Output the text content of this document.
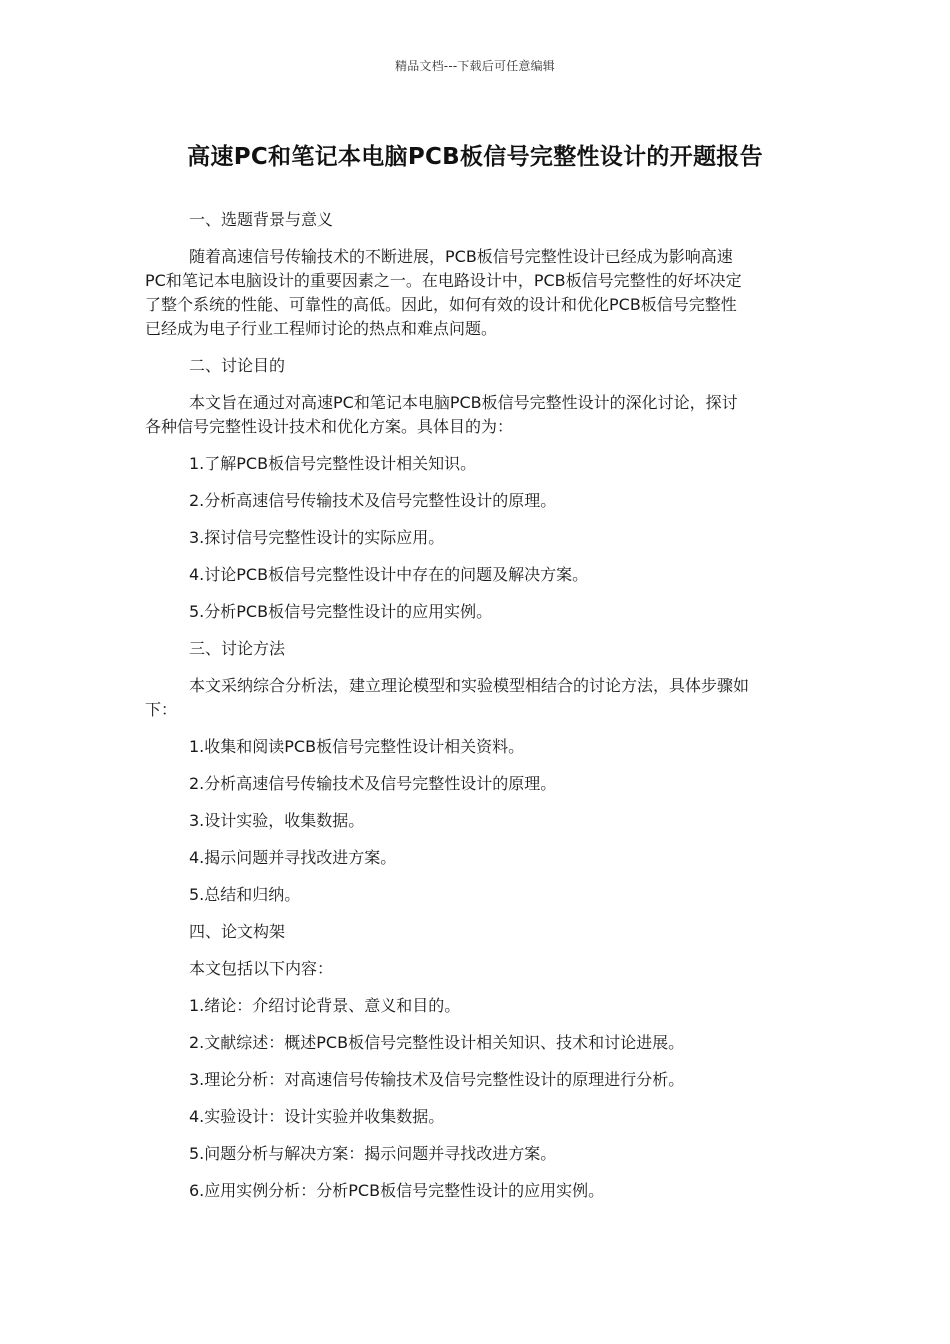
精品文档---下载后可任意编辑
高速PC和笔记本电脑PCB板信号完整性设计的开题报告
一、选题背景与意义
随着高速信号传输技术的不断进展，PCB板信号完整性设计已经成为影响高速
PC和笔记本电脑设计的重要因素之一。在电路设计中，PCB板信号完整性的好坏决定
了整个系统的性能、可靠性的高低。因此，如何有效的设计和优化PCB板信号完整性
已经成为电子行业工程师讨论的热点和难点问题。
二、讨论目的
本文旨在通过对高速PC和笔记本电脑PCB板信号完整性设计的深化讨论，探讨
各种信号完整性设计技术和优化方案。具体目的为：
1.了解PCB板信号完整性设计相关知识。
2.分析高速信号传输技术及信号完整性设计的原理。
3.探讨信号完整性设计的实际应用。
4.讨论PCB板信号完整性设计中存在的问题及解决方案。
5.分析PCB板信号完整性设计的应用实例。
三、讨论方法
本文采纳综合分析法，建立理论模型和实验模型相结合的讨论方法，具体步骤如
下：
1.收集和阅读PCB板信号完整性设计相关资料。
2.分析高速信号传输技术及信号完整性设计的原理。
3.设计实验，收集数据。
4.揭示问题并寻找改进方案。
5.总结和归纳。
四、论文构架
本文包括以下内容：
1.绪论：介绍讨论背景、意义和目的。
2.文献综述：概述PCB板信号完整性设计相关知识、技术和讨论进展。
3.理论分析：对高速信号传输技术及信号完整性设计的原理进行分析。
4.实验设计：设计实验并收集数据。
5.问题分析与解决方案：揭示问题并寻找改进方案。
6.应用实例分析：分析PCB板信号完整性设计的应用实例。
